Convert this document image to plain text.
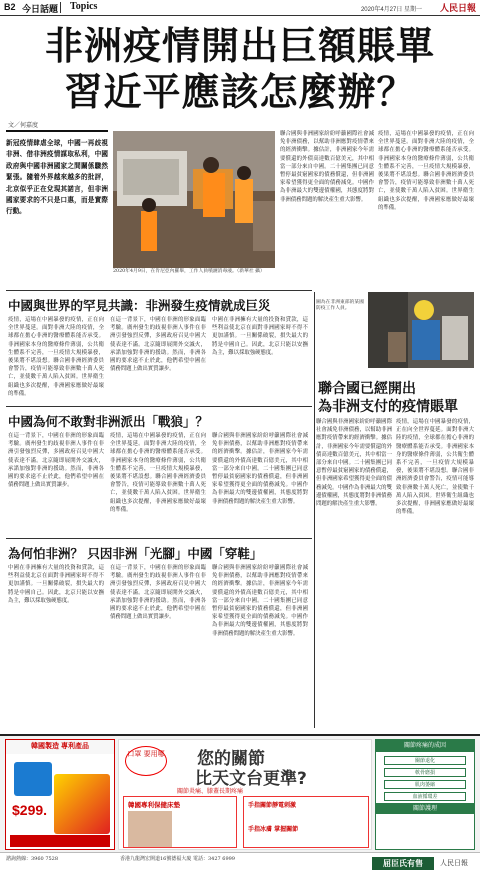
B2 今日話題 Topics	2020年4月27日 星期一 人民日報
非洲疫情開出巨額賬單
習近平應該怎麼辦？
文／何嘉度

新冠疫情肆虐全球，中國一再歧視非洲、借非洲疫情謀取私利，中國政府與中國非洲國家之間關係驟然緊張。隨着外界越來越多的批評，北京似乎正在兌現其諾言，但非洲國家要求的不只是口惠，而是實際行動。

2020年4月9日，在肯尼亞內羅畢，工作人員噴灑消毒液。（新華社 攝）
聯合國與非洲國家紛紛呼籲國際社會減免非洲債務，以幫助非洲應對疫情帶來的經濟衝擊。據估計，非洲國家今年需要償還的外債高達數百億美元，其中相當一部分來自中國。二十國集團已同意暫停最貧窮國家的債務償還，但非洲國家希望獲得更全面的債務減免。中國作為非洲最大的雙邊債權國，其態度將對非洲債務問題的解決產生重大影響。
疫情，這場在中國暴發的疫情，正在向全世界蔓延。面對非洲大陸的疫情，全球都在擔心非洲的醫療體系能否承受。非洲國家本身的醫療條件薄弱，公共衛生體系不完善，一旦疫情大規模暴發，後果將不堪設想。聯合國非洲經濟委員會警告，疫情可能導致非洲數十萬人死亡，並使數千萬人陷入貧困。世界衛生組織也多次提醒，非洲國家應做好最壞的準備。
中國與世界的罕見共識：非洲發生疫情就成巨災
疫情，這場在中國暴發的疫情，正在向全世界蔓延。面對非洲大陸的疫情，全球都在擔心非洲的醫療體系能否承受。非洲國家本身的醫療條件薄弱，公共衛生體系不完善，一旦疫情大規模暴發，後果將不堪設想。聯合國非洲經濟委員會警告，疫情可能導致非洲數十萬人死亡，並使數千萬人陷入貧困。世界衛生組織也多次提醒，非洲國家應做好最壞的準備。
在這一背景下，中國在非洲的形象面臨考驗。廣州發生的歧視非洲人事件在非洲引發強烈反彈，多國政府召見中國大使表達不滿。北京隨即展開外交滅火，承諾加強對非洲的援助。然而，非洲各國的要求遠不止於此，他們希望中國在債務問題上做出實質讓步。
中國在非洲擁有大量的投資和貸款，這些利益使北京在面對非洲國家時不得不更加謹慎。一旦關係破裂，損失最大的將是中國自己。因此，北京只能以安撫為主，難以採取強硬態度。
中國為何不敢對非洲派出「戰狼」？
在這一背景下，中國在非洲的形象面臨考驗。廣州發生的歧視非洲人事件在非洲引發強烈反彈，多國政府召見中國大使表達不滿。北京隨即展開外交滅火，承諾加強對非洲的援助。然而，非洲各國的要求遠不止於此，他們希望中國在債務問題上做出實質讓步。
疫情，這場在中國暴發的疫情，正在向全世界蔓延。面對非洲大陸的疫情，全球都在擔心非洲的醫療體系能否承受。非洲國家本身的醫療條件薄弱，公共衛生體系不完善，一旦疫情大規模暴發，後果將不堪設想。聯合國非洲經濟委員會警告，疫情可能導致非洲數十萬人死亡，並使數千萬人陷入貧困。世界衛生組織也多次提醒，非洲國家應做好最壞的準備。
聯合國與非洲國家紛紛呼籲國際社會減免非洲債務，以幫助非洲應對疫情帶來的經濟衝擊。據估計，非洲國家今年需要償還的外債高達數百億美元，其中相當一部分來自中國。二十國集團已同意暫停最貧窮國家的債務償還，但非洲國家希望獲得更全面的債務減免。中國作為非洲最大的雙邊債權國，其態度將對非洲債務問題的解決產生重大影響。
為何怕非洲？ 只因非洲「光腳」中國「穿鞋」
中國在非洲擁有大量的投資和貸款，這些利益使北京在面對非洲國家時不得不更加謹慎。一旦關係破裂，損失最大的將是中國自己。因此，北京只能以安撫為主，難以採取強硬態度。
在這一背景下，中國在非洲的形象面臨考驗。廣州發生的歧視非洲人事件在非洲引發強烈反彈，多國政府召見中國大使表達不滿。北京隨即展開外交滅火，承諾加強對非洲的援助。然而，非洲各國的要求遠不止於此，他們希望中國在債務問題上做出實質讓步。
聯合國與非洲國家紛紛呼籲國際社會減免非洲債務，以幫助非洲應對疫情帶來的經濟衝擊。據估計，非洲國家今年需要償還的外債高達數百億美元，其中相當一部分來自中國。二十國集團已同意暫停最貧窮國家的債務償還，但非洲國家希望獲得更全面的債務減免。中國作為非洲最大的雙邊債權國，其態度將對非洲債務問題的解決產生重大影響。
圖為在非洲東部的某國防疫工作人員。
聯合國已經開出
為非洲支付的疫情賬單
聯合國與非洲國家紛紛呼籲國際社會減免非洲債務，以幫助非洲應對疫情帶來的經濟衝擊。據估計，非洲國家今年需要償還的外債高達數百億美元，其中相當一部分來自中國。二十國集團已同意暫停最貧窮國家的債務償還，但非洲國家希望獲得更全面的債務減免。中國作為非洲最大的雙邊債權國，其態度將對非洲債務問題的解決產生重大影響。
疫情，這場在中國暴發的疫情，正在向全世界蔓延。面對非洲大陸的疫情，全球都在擔心非洲的醫療體系能否承受。非洲國家本身的醫療條件薄弱，公共衛生體系不完善，一旦疫情大規模暴發，後果將不堪設想。聯合國非洲經濟委員會警告，疫情可能導致非洲數十萬人死亡，並使數千萬人陷入貧困。世界衛生組織也多次提醒，非洲國家應做好最壞的準備。
韓國製造 專利產品
$299.
口罩 要用哪 您的關節
比天文台更準?
關節炎痛、膝蓋長期疼痛
韓國專利保健床墊	手指關節靜電刺激
手指冰膚 掌握關節
關節疼痛的成因
關節退化
軟骨磨損
肌肉萎縮
血液循環差
關節護理
諮詢熱線：3960 7528	香港九龍灣宏開道16號德福大廈 電話：3427 6999	屈臣氏有售	人民日報
